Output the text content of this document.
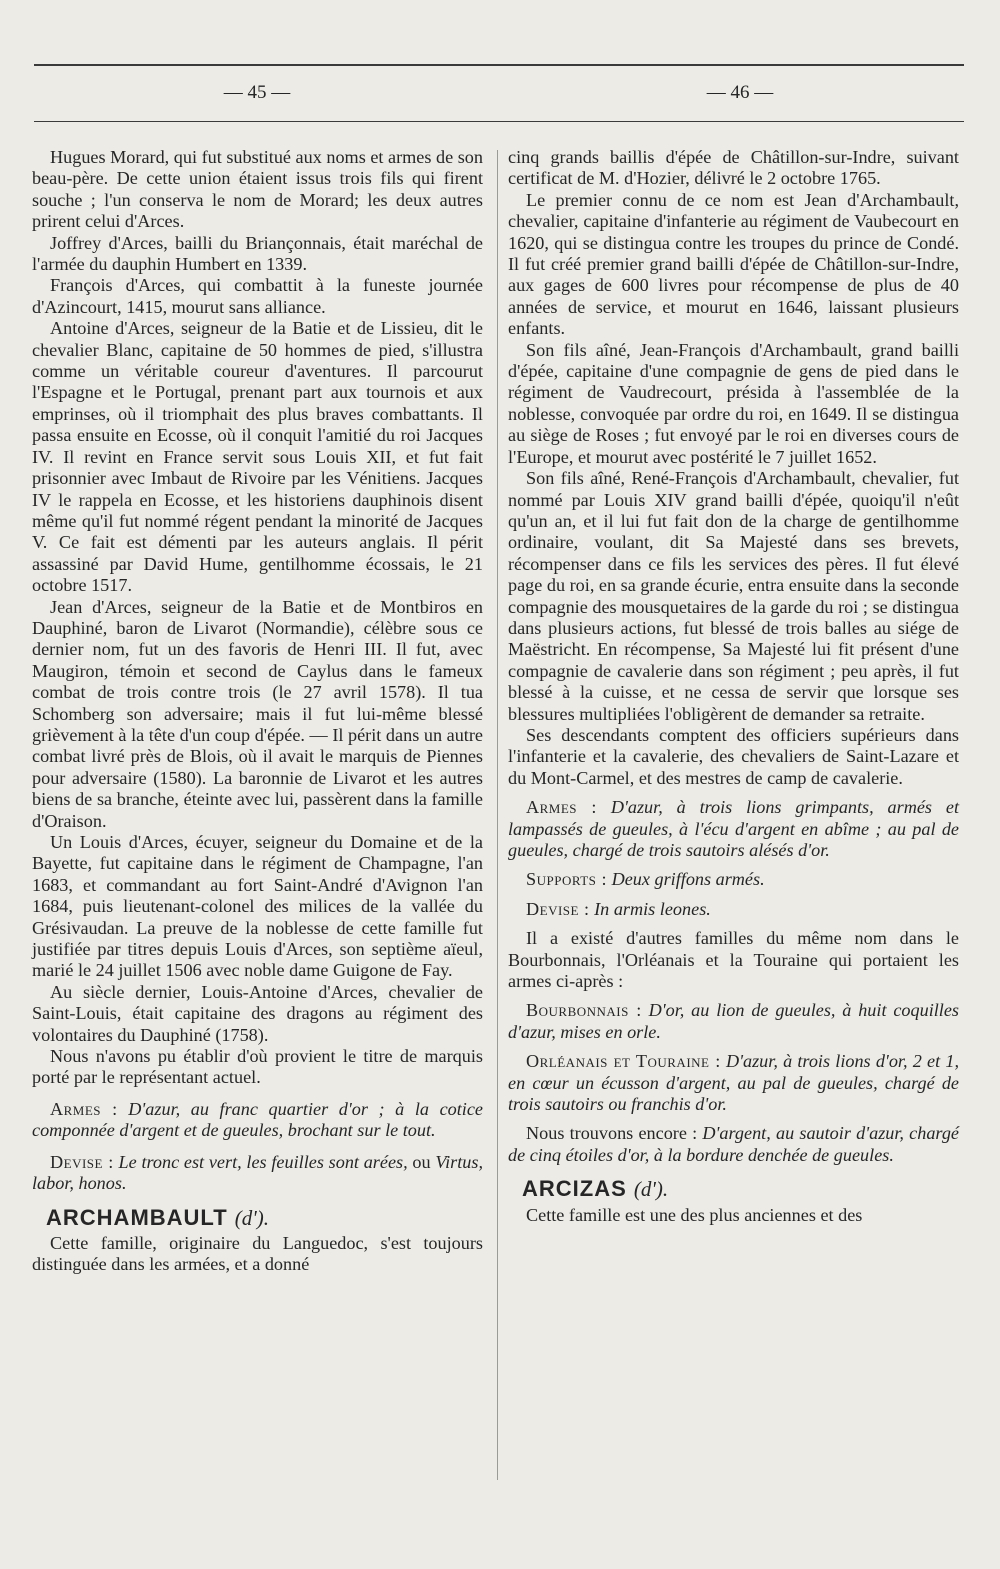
— 45 —	— 46 —

Hugues Morard, qui fut substitué aux noms et armes de son beau-père. De cette union étaient issus trois fils qui firent souche ; l'un conserva le nom de Morard; les deux autres prirent celui d'Arces.

Joffrey d'Arces, bailli du Briançonnais, était maréchal de l'armée du dauphin Humbert en 1339.

François d'Arces, qui combattit à la funeste journée d'Azincourt, 1415, mourut sans alliance.

Antoine d'Arces, seigneur de la Batie et de Lissieu, dit le chevalier Blanc, capitaine de 50 hommes de pied, s'illustra comme un véritable coureur d'aventures. Il parcourut l'Espagne et le Portugal, prenant part aux tournois et aux emprinses, où il triomphait des plus braves combattants. Il passa ensuite en Ecosse, où il conquit l'amitié du roi Jacques IV. Il revint en France servit sous Louis XII, et fut fait prisonnier avec Imbaut de Rivoire par les Vénitiens. Jacques IV le rappela en Ecosse, et les historiens dauphinois disent même qu'il fut nommé régent pendant la minorité de Jacques V. Ce fait est démenti par les auteurs anglais. Il périt assassiné par David Hume, gentilhomme écossais, le 21 octobre 1517.

Jean d'Arces, seigneur de la Batie et de Montbiros en Dauphiné, baron de Livarot (Normandie), célèbre sous ce dernier nom, fut un des favoris de Henri III. Il fut, avec Maugiron, témoin et second de Caylus dans le fameux combat de trois contre trois (le 27 avril 1578). Il tua Schomberg son adversaire; mais il fut lui-même blessé grièvement à la tête d'un coup d'épée. — Il périt dans un autre combat livré près de Blois, où il avait le marquis de Piennes pour adversaire (1580). La baronnie de Livarot et les autres biens de sa branche, éteinte avec lui, passèrent dans la famille d'Oraison.

Un Louis d'Arces, écuyer, seigneur du Domaine et de la Bayette, fut capitaine dans le régiment de Champagne, l'an 1683, et commandant au fort Saint-André d'Avignon l'an 1684, puis lieutenant-colonel des milices de la vallée du Grésivaudan. La preuve de la noblesse de cette famille fut justifiée par titres depuis Louis d'Arces, son septième aïeul, marié le 24 juillet 1506 avec noble dame Guigone de Fay.

Au siècle dernier, Louis-Antoine d'Arces, chevalier de Saint-Louis, était capitaine des dragons au régiment des volontaires du Dauphiné (1758).

Nous n'avons pu établir d'où provient le titre de marquis porté par le représentant actuel.

Armes : D'azur, au franc quartier d'or ; à la cotice componnée d'argent et de gueules, brochant sur le tout.

Devise : Le tronc est vert, les feuilles sont arées, ou Virtus, labor, honos.

ARCHAMBAULT (d').

Cette famille, originaire du Languedoc, s'est toujours distinguée dans les armées, et a donné

cinq grands baillis d'épée de Châtillon-sur-Indre, suivant certificat de M. d'Hozier, délivré le 2 octobre 1765.

Le premier connu de ce nom est Jean d'Archambault, chevalier, capitaine d'infanterie au régiment de Vaubecourt en 1620, qui se distingua contre les troupes du prince de Condé. Il fut créé premier grand bailli d'épée de Châtillon-sur-Indre, aux gages de 600 livres pour récompense de plus de 40 années de service, et mourut en 1646, laissant plusieurs enfants.

Son fils aîné, Jean-François d'Archambault, grand bailli d'épée, capitaine d'une compagnie de gens de pied dans le régiment de Vaudrecourt, présida à l'assemblée de la noblesse, convoquée par ordre du roi, en 1649. Il se distingua au siège de Roses ; fut envoyé par le roi en diverses cours de l'Europe, et mourut avec postérité le 7 juillet 1652.

Son fils aîné, René-François d'Archambault, chevalier, fut nommé par Louis XIV grand bailli d'épée, quoiqu'il n'eût qu'un an, et il lui fut fait don de la charge de gentilhomme ordinaire, voulant, dit Sa Majesté dans ses brevets, récompenser dans ce fils les services des pères. Il fut élevé page du roi, en sa grande écurie, entra ensuite dans la seconde compagnie des mousquetaires de la garde du roi ; se distingua dans plusieurs actions, fut blessé de trois balles au siége de Maëstricht. En récompense, Sa Majesté lui fit présent d'une compagnie de cavalerie dans son régiment ; peu après, il fut blessé à la cuisse, et ne cessa de servir que lorsque ses blessures multipliées l'obligèrent de demander sa retraite.

Ses descendants comptent des officiers supérieurs dans l'infanterie et la cavalerie, des chevaliers de Saint-Lazare et du Mont-Carmel, et des mestres de camp de cavalerie.

Armes : D'azur, à trois lions grimpants, armés et lampassés de gueules, à l'écu d'argent en abîme ; au pal de gueules, chargé de trois sautoirs alésés d'or.

Supports : Deux griffons armés.

Devise : In armis leones.

Il a existé d'autres familles du même nom dans le Bourbonnais, l'Orléanais et la Touraine qui portaient les armes ci-après :

Bourbonnais : D'or, au lion de gueules, à huit coquilles d'azur, mises en orle.

Orléanais et Touraine : D'azur, à trois lions d'or, 2 et 1, en cœur un écusson d'argent, au pal de gueules, chargé de trois sautoirs ou franchis d'or.

Nous trouvons encore : D'argent, au sautoir d'azur, chargé de cinq étoiles d'or, à la bordure denchée de gueules.

ARCIZAS (d').

Cette famille est une des plus anciennes et des
